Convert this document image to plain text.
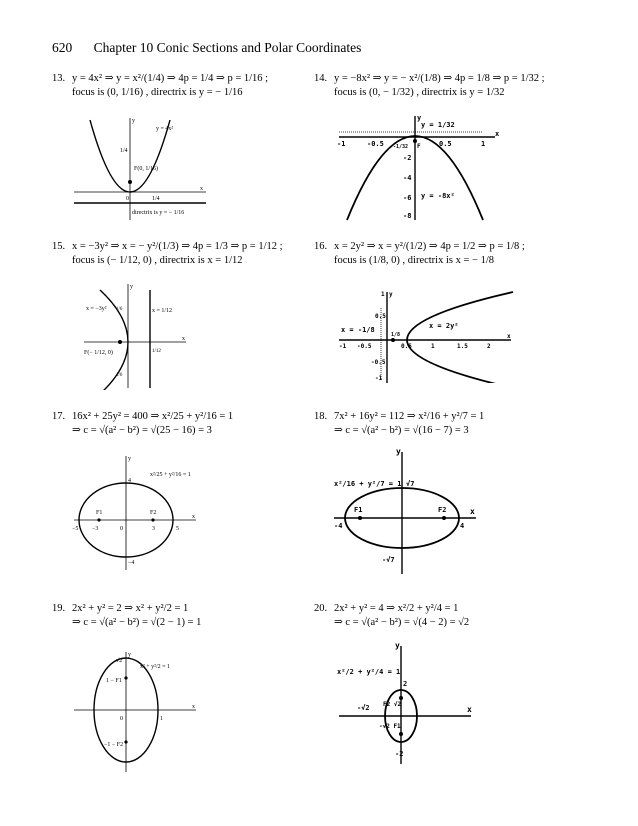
620 Chapter 10 Conic Sections and Polar Coordinates
13. y = 4x² ⇒ y = x²/(1/4) ⇒ 4p = 1/4 ⇒ p = 1/16 ;
focus is (0, 1/16) , directrix is y = − 1/16
14. y = −8x² ⇒ y = − x²/(1/8) ⇒ 4p = 1/8 ⇒ p = 1/32 ;
focus is (0, − 1/32) , directrix is y = 1/32
15. x = −3y² ⇒ x = − y²/(1/3) ⇒ 4p = 1/3 ⇒ p = 1/12 ;
focus is (− 1/12, 0) , directrix is x = 1/12
16. x = 2y² ⇒ x = y²/(1/2) ⇒ 4p = 1/2 ⇒ p = 1/8 ;
focus is (1/8, 0) , directrix is x = − 1/8
17. 16x² + 25y² = 400 ⇒ x²/25 + y²/16 = 1
⇒ c = √(a² − b²) = √(25 − 16) = 3
18. 7x² + 16y² = 112 ⇒ x²/16 + y²/7 = 1
⇒ c = √(a² − b²) = √(16 − 7) = 3
19. 2x² + y² = 2 ⇒ x² + y²/2 = 1
⇒ c = √(a² − b²) = √(2 − 1) = 1
20. 2x² + y² = 4 ⇒ x²/2 + y²/4 = 1
⇒ c = √(a² − b²) = √(4 − 2) = √2
y
x
y = 4x²
1/4
F(0, 1/16)
0	1/4
directrix is y = − 1/16
y
x
y = 1/32
F
-1/32
-1	-0.5	0.5	1
-2
-4
-6
-8
y = -8x²
y
x
x = −3y² 1/6
1/6
x = 1/12
1/12
F(− 1/12, 0)
1
0.5
-0.5
-1
-1 -0.5	0.5	1	1.5	2
1/8
x = -1/8	x = 2y²
y
x
y
x
x²/25 + y²/16 = 1
4
−4
−5	5
−3	3
0
F1	F2
y
x
x²/16 + y²/7 = 1 √7
-√7
-4	4
F1	F2
y
x
x² + y²/2 = 1
√2
1 − F1
−1 − F2
1
0
y
x
x²/2 + y²/4 = 1
2
-2
F2 √2
-√2 F1
-√2
